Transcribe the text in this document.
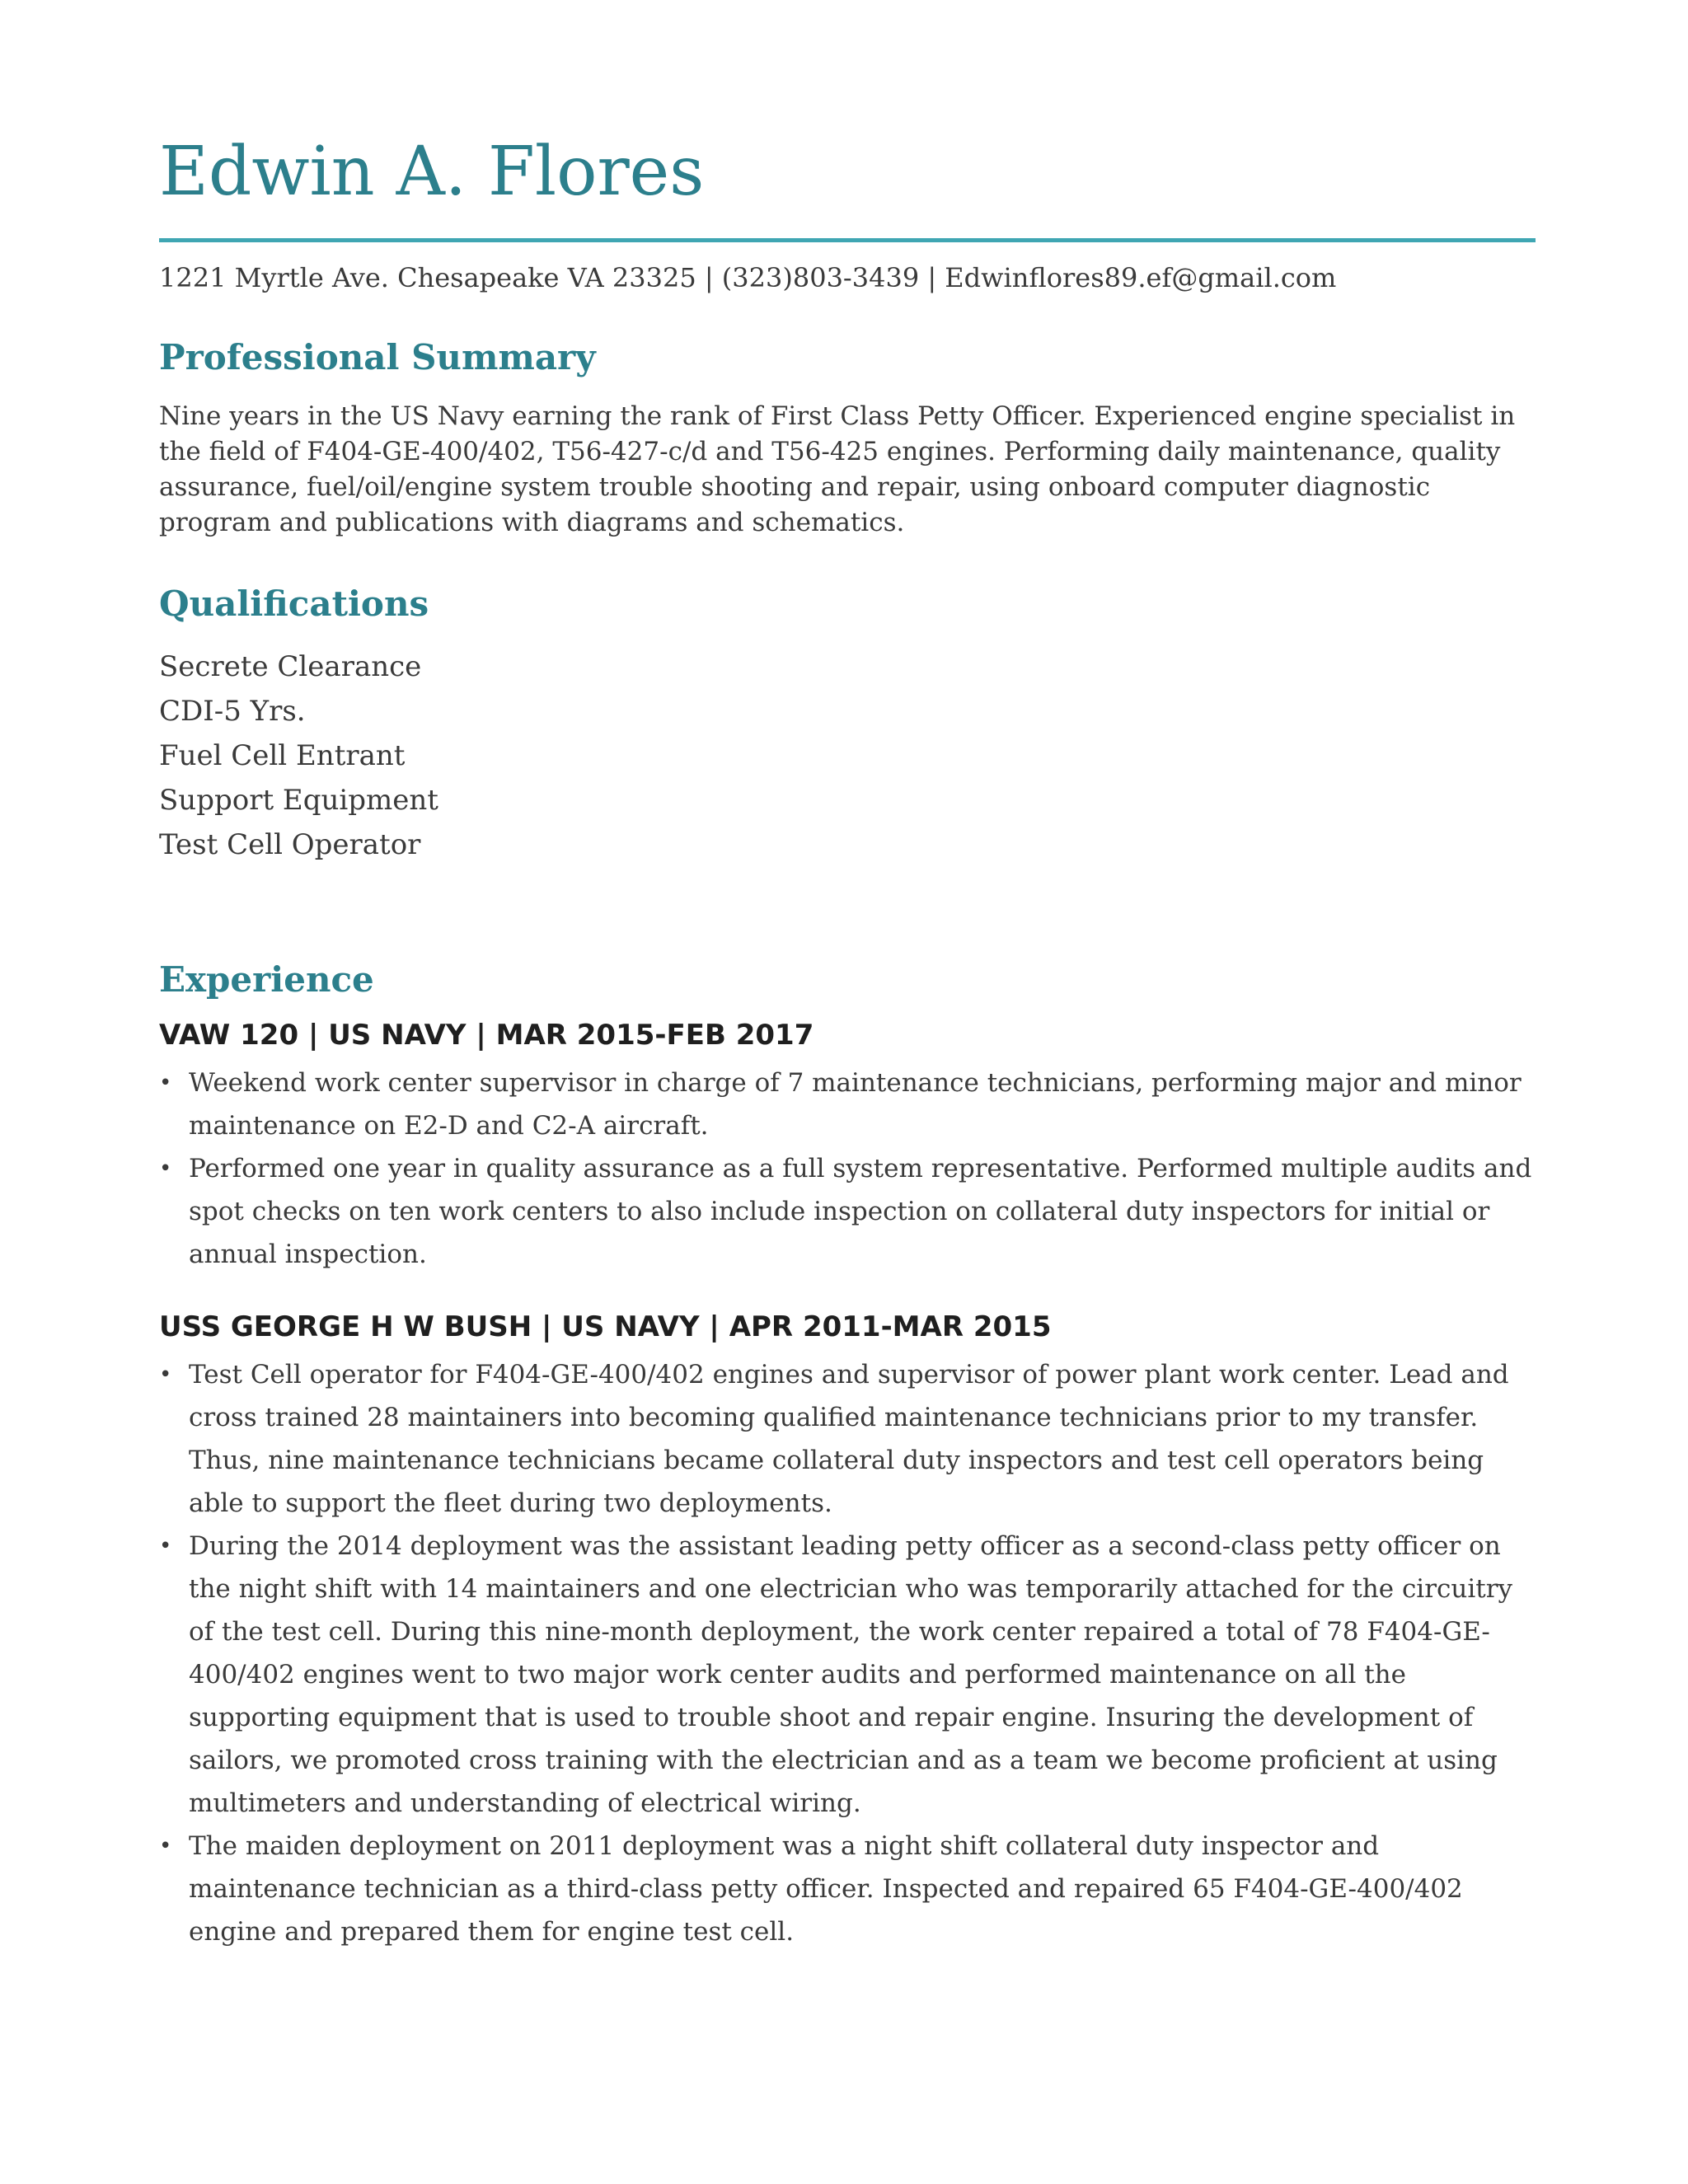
Edwin A. Flores
1221 Myrtle Ave. Chesapeake VA 23325 | (323)803-3439 | Edwinflores89.ef@gmail.com
Professional Summary

Nine years in the US Navy earning the rank of First Class Petty Officer. Experienced engine specialist in the field of F404-GE-400/402, T56-427-c/d and T56-425 engines. Performing daily maintenance, quality assurance, fuel/oil/engine system trouble shooting and repair, using onboard computer diagnostic program and publications with diagrams and schematics.

Qualifications
Secrete Clearance
CDI-5 Yrs.
Fuel Cell Entrant
Support Equipment
Test Cell Operator
Experience
VAW 120 | US NAVY | MAR 2015-FEB 2017
• Weekend work center supervisor in charge of 7 maintenance technicians, performing major and minor maintenance on E2-D and C2-A aircraft.
• Performed one year in quality assurance as a full system representative. Performed multiple audits and spot checks on ten work centers to also include inspection on collateral duty inspectors for initial or annual inspection.
USS GEORGE H W BUSH | US NAVY | APR 2011-MAR 2015
• Test Cell operator for F404-GE-400/402 engines and supervisor of power plant work center. Lead and cross trained 28 maintainers into becoming qualified maintenance technicians prior to my transfer. Thus, nine maintenance technicians became collateral duty inspectors and test cell operators being able to support the fleet during two deployments.
• During the 2014 deployment was the assistant leading petty officer as a second-class petty officer on the night shift with 14 maintainers and one electrician who was temporarily attached for the circuitry of the test cell. During this nine-month deployment, the work center repaired a total of 78 F404-GE-400/402 engines went to two major work center audits and performed maintenance on all the supporting equipment that is used to trouble shoot and repair engine. Insuring the development of sailors, we promoted cross training with the electrician and as a team we become proficient at using multimeters and understanding of electrical wiring.
• The maiden deployment on 2011 deployment was a night shift collateral duty inspector and maintenance technician as a third-class petty officer. Inspected and repaired 65 F404-GE-400/402 engine and prepared them for engine test cell.
